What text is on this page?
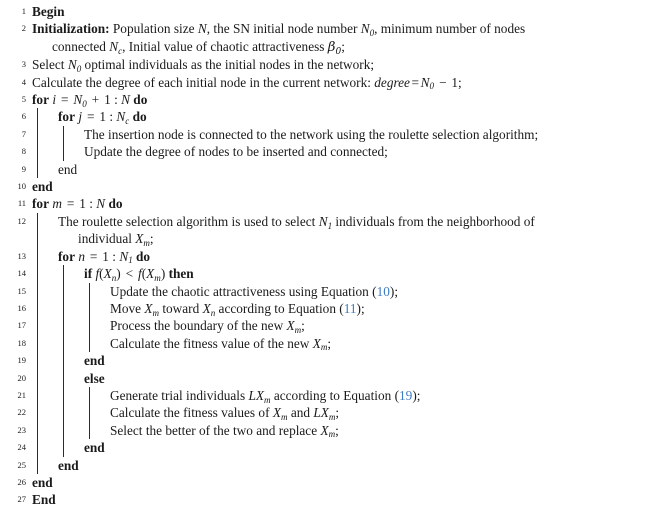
1 Begin
2 Initialization: Population size N, the SN initial node number $N_0$, minimum number of nodes
connected $N_c$, Initial value of chaotic attractiveness $\beta_0$;
3 Select $N_0$ optimal individuals as the initial nodes in the network;
4 Calculate the degree of each initial node in the current network: degree = $N_0 - 1$;
5 for $i = N_0 + 1$ : N do
6	for j = 1 : $N_c$ do
7	The insertion node is connected to the network using the roulette selection algorithm;
8	Update the degree of nodes to be inserted and connected;
9	end
10 end
11 for m = 1 : N do
12	The roulette selection algorithm is used to select $N_1$ individuals from the neighborhood of
individual $X_m$;
13	for n = 1 : $N_1$ do
14	if $f(X_n) < f(X_m)$ then
15	Update the chaotic attractiveness using Equation (10);
16	Move $X_m$ toward $X_n$ according to Equation (11);
17	Process the boundary of the new $X_m$;
18	Calculate the fitness value of the new $X_m$;
19	end
20	else
21	Generate trial individuals $LX_m$ according to Equation (19);
22	Calculate the fitness values of $X_m$ and $LX_m$;
23	Select the better of the two and replace $X_m$;
24	end
25	end
26 end
27 End
